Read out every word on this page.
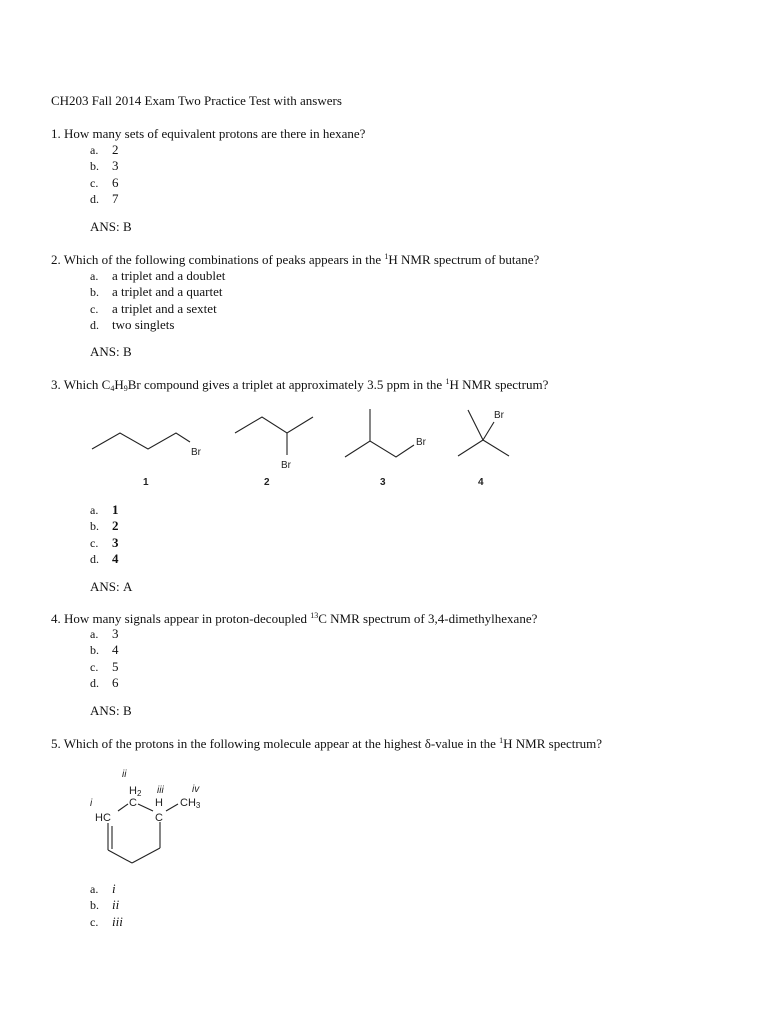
CH203 Fall 2014 Exam Two Practice Test with answers
1. How many sets of equivalent protons are there in hexane?
a. 2
b. 3
c. 6
d. 7
ANS: B
2. Which of the following combinations of peaks appears in the $^1$H NMR spectrum of butane?
a. a triplet and a doublet
b. a triplet and a quartet
c. a triplet and a sextet
d. two singlets
ANS: B
3. Which $C_4H_9Br$ compound gives a triplet at approximately 3.5 ppm in the $^1$H NMR spectrum?
Br
Br
Br
Br
1	2	3	4
a. 1
b. 2
c. 3
d. 4
ANS: A
4. How many signals appear in proton-decoupled $^{13}$C NMR spectrum of 3,4-dimethylhexane?
a. 3
b. 4
c. 5
d. 6
ANS: B
5. Which of the protons in the following molecule appear at the highest δ-value in the $^1$H NMR spectrum?
HC
C
C
H2
H CH3
i
ii
iii	iv
a. i
b. ii
c. iii
